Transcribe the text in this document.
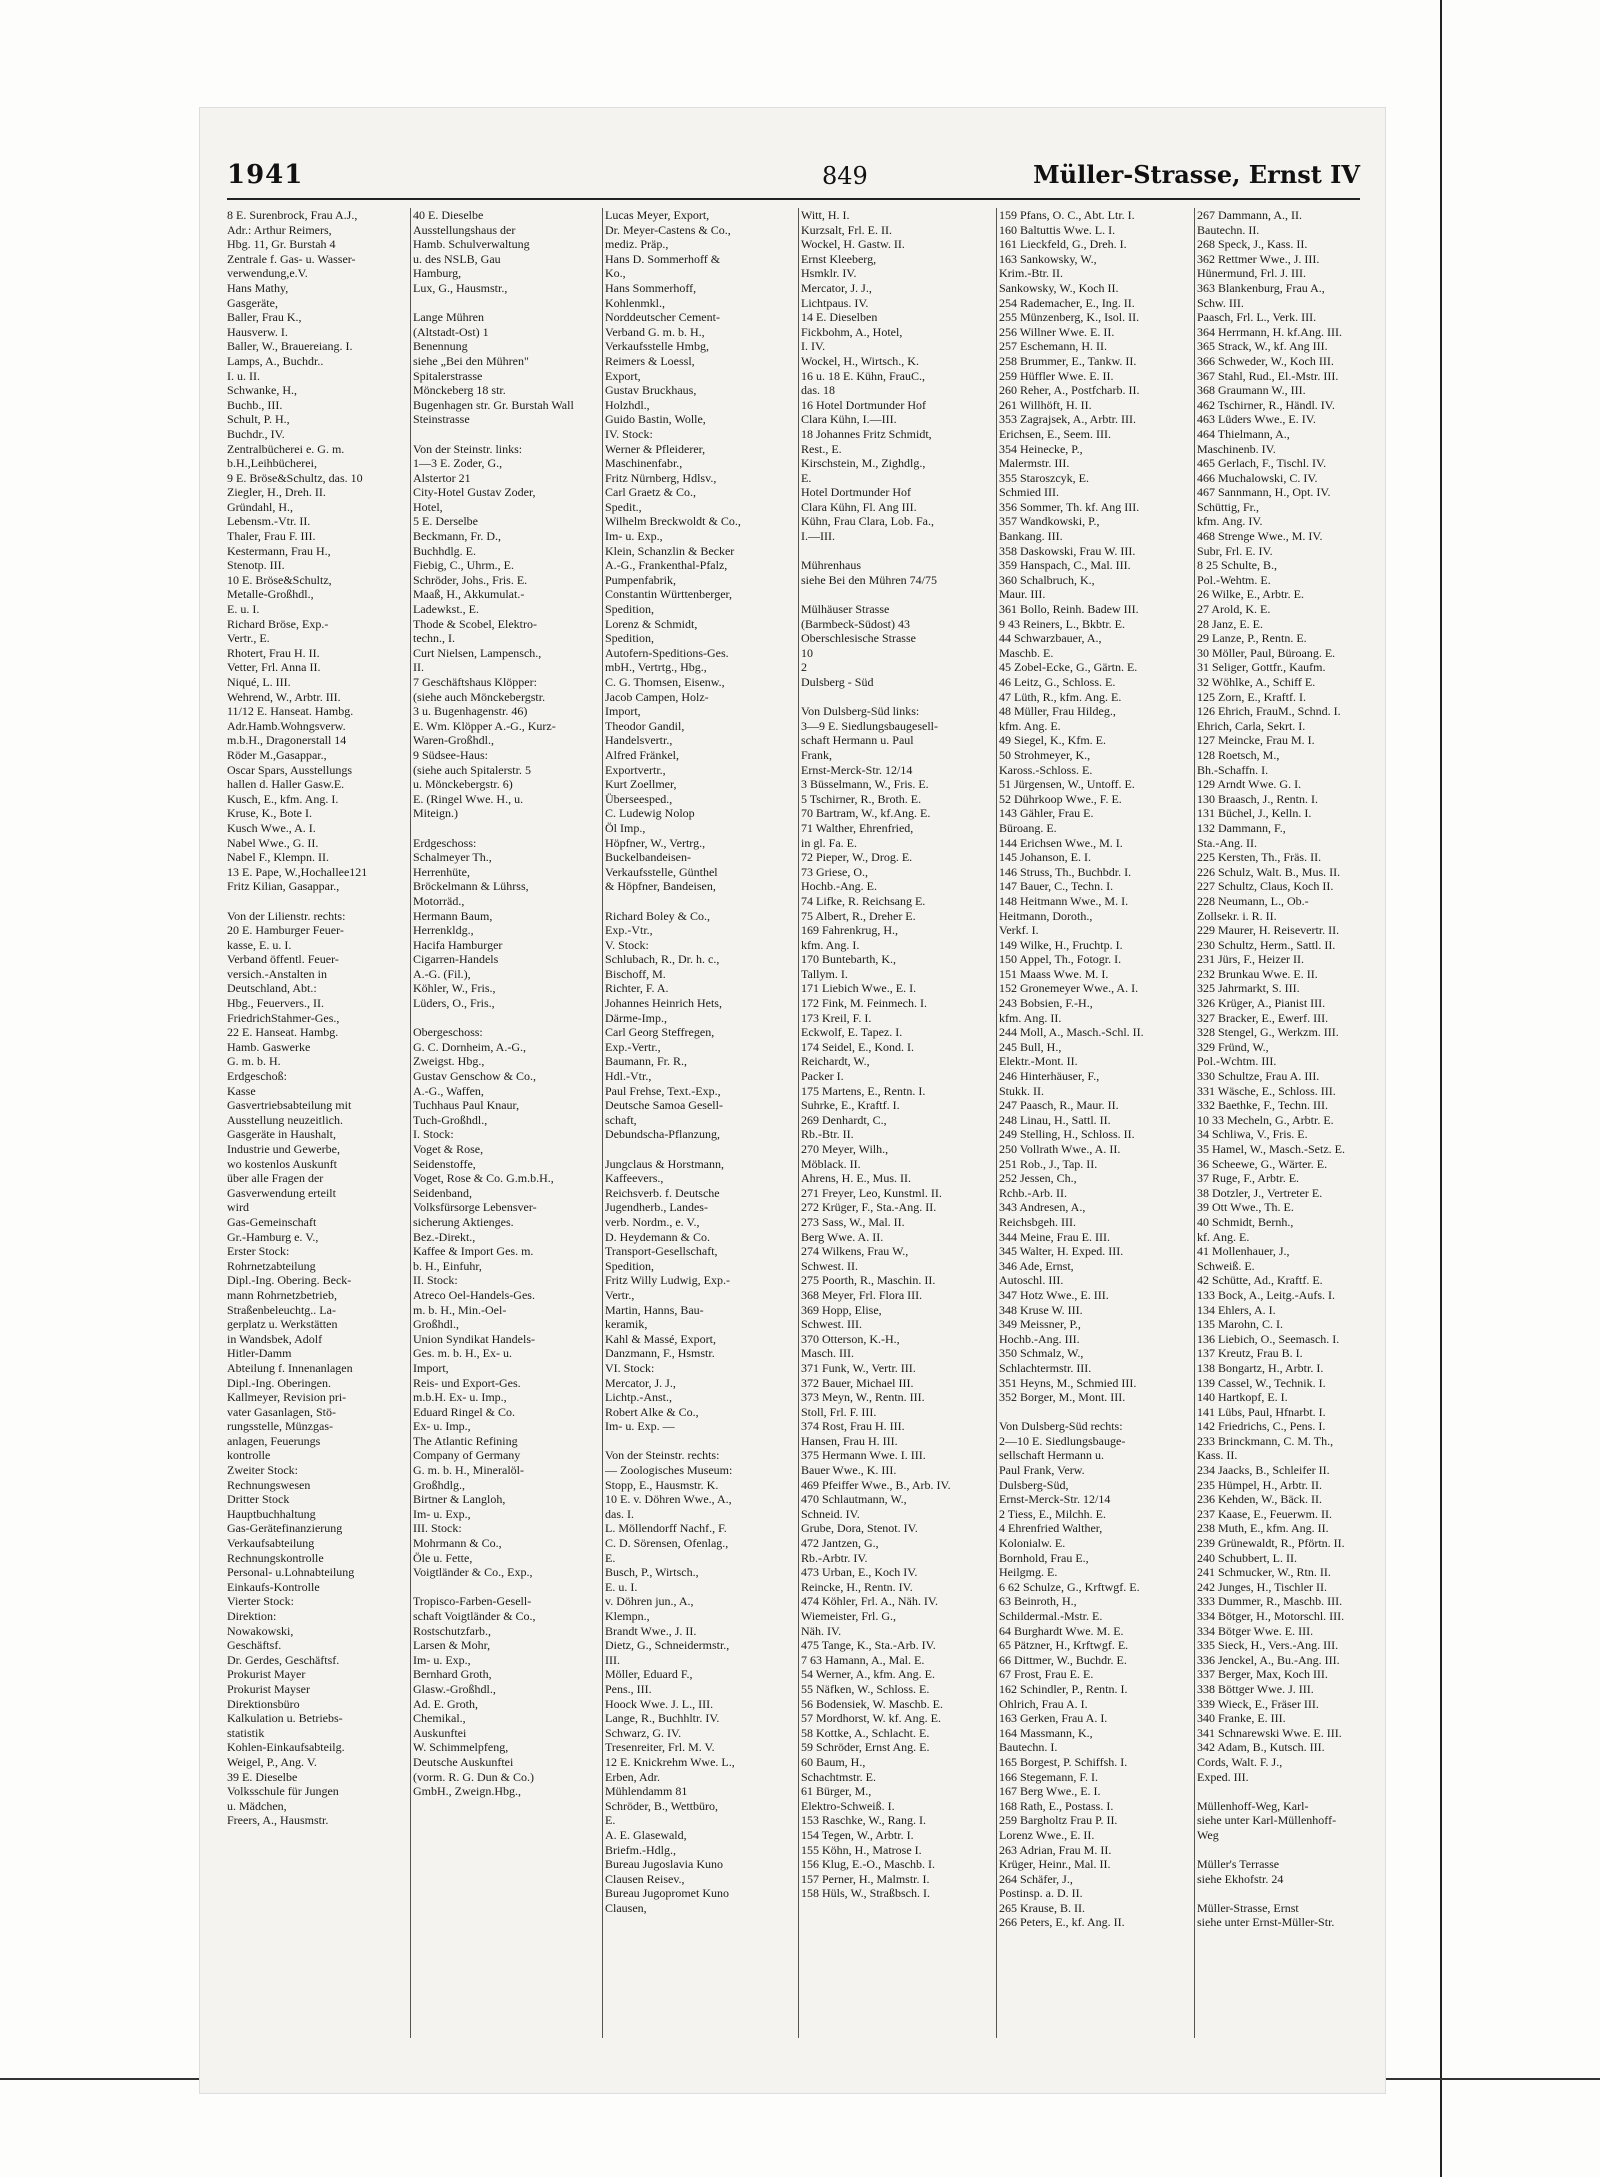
1941	849	Müller-Strasse, Ernst IV
8 E. Surenbrock, Frau A.J.,
Adr.: Arthur Reimers,
Hbg. 11, Gr. Burstah 4
Zentrale f. Gas- u. Wasser-
verwendung,e.V.
Hans Mathy,
Gasgeräte,
Baller, Frau K.,
Hausverw. I.
Baller, W., Brauereiang. I.
Lamps, A., Buchdr..
I. u. II.
Schwanke, H.,
Buchb., III.
Schult, P. H.,
Buchdr., IV.
Zentralbücherei e. G. m.
b.H.,Leihbücherei,
9 E. Bröse&Schultz, das. 10
Ziegler, H., Dreh. II.
Gründahl, H.,
Lebensm.-Vtr. II.
Thaler, Frau F. III.
Kestermann, Frau H.,
Stenotp. III.
10 E. Bröse&Schultz,
Metalle-Großhdl.,
E. u. I.
Richard Bröse, Exp.-
Vertr., E.
Rhotert, Frau H. II.
Vetter, Frl. Anna II.
Niqué, L. III.
Wehrend, W., Arbtr. III.
11/12 E. Hanseat. Hambg.
Adr.Hamb.Wohngsverw.
m.b.H., Dragonerstall 14
Röder M.,Gasappar.,
Oscar Spars, Ausstellungs
hallen d. Haller Gasw.E.
Kusch, E., kfm. Ang. I.
Kruse, K., Bote I.
Kusch Wwe., A. I.
Nabel Wwe., G. II.
Nabel F., Klempn. II.
13 E. Pape, W.,Hochallee121
Fritz Kilian, Gasappar.,

Von der Lilienstr. rechts:
20 E. Hamburger Feuer-
kasse, E. u. I.
Verband öffentl. Feuer-
versich.-Anstalten in
Deutschland, Abt.:
Hbg., Feuervers., II.
FriedrichStahmer-Ges.,
22 E. Hanseat. Hambg.
Hamb. Gaswerke
G. m. b. H.
Erdgeschoß:
Kasse
Gasvertriebsabteilung mit
Ausstellung neuzeitlich.
Gasgeräte in Haushalt,
Industrie und Gewerbe,
wo kostenlos Auskunft
über alle Fragen der
Gasverwendung erteilt
wird
Gas-Gemeinschaft
Gr.-Hamburg e. V.,
Erster Stock:
Rohrnetzabteilung
Dipl.-Ing. Obering. Beck-
mann Rohrnetzbetrieb,
Straßenbeleuchtg.. La-
gerplatz u. Werkstätten
in Wandsbek, Adolf
Hitler-Damm
Abteilung f. Innenanlagen
Dipl.-Ing. Oberingen.
Kallmeyer, Revision pri-
vater Gasanlagen, Stö-
rungsstelle, Münzgas-
anlagen, Feuerungs
kontrolle
Zweiter Stock:
Rechnungswesen
Dritter Stock
Hauptbuchhaltung
Gas-Gerätefinanzierung
Verkaufsabteilung
Rechnungskontrolle
Personal- u.Lohnabteilung
Einkaufs-Kontrolle
Vierter Stock:
Direktion:
Nowakowski,
Geschäftsf.
Dr. Gerdes, Geschäftsf.
Prokurist Mayer
Prokurist Mayser
Direktionsbüro
Kalkulation u. Betriebs-
statistik
Kohlen-Einkaufsabteilg.
Weigel, P., Ang. V.
39 E. Dieselbe
Volksschule für Jungen
u. Mädchen,
Freers, A., Hausmstr.
40 E. Dieselbe
Ausstellungshaus der
Hamb. Schulverwaltung
u. des NSLB, Gau
Hamburg,
Lux, G., Hausmstr.,

Lange Mühren
(Altstadt-Ost) 1
Benennung
siehe „Bei den Mühren"
Spitalerstrasse
Mönckeberg 18 str.
Bugenhagen str. Gr. Burstah Wall
Steinstrasse

Von der Steinstr. links:
1—3 E. Zoder, G.,
Alstertor 21
City-Hotel Gustav Zoder,
Hotel,
5 E. Derselbe
Beckmann, Fr. D.,
Buchhdlg. E.
Fiebig, C., Uhrm., E.
Schröder, Johs., Fris. E.
Maaß, H., Akkumulat.-
Ladewkst., E.
Thode & Scobel, Elektro-
techn., I.
Curt Nielsen, Lampensch.,
II.
7 Geschäftshaus Klöpper:
(siehe auch Mönckebergstr.
3 u. Bugenhagenstr. 46)
E. Wm. Klöpper A.-G., Kurz-
Waren-Großhdl.,
9 Südsee-Haus:
(siehe auch Spitalerstr. 5
u. Mönckebergstr. 6)
E. (Ringel Wwe. H., u.
Miteign.)

Erdgeschoss:
Schalmeyer Th.,
Herrenhüte,
Bröckelmann & Lührss,
Motorräd.,
Hermann Baum,
Herrenkldg.,
Hacifa Hamburger
Cigarren-Handels
A.-G. (Fil.),
Köhler, W., Fris.,
Lüders, O., Fris.,

Obergeschoss:
G. C. Dornheim, A.-G.,
Zweigst. Hbg.,
Gustav Genschow & Co.,
A.-G., Waffen,
Tuchhaus Paul Knaur,
Tuch-Großhdl.,
I. Stock:
Voget & Rose,
Seidenstoffe,
Voget, Rose & Co. G.m.b.H.,
Seidenband,
Volksfürsorge Lebensver-
sicherung Aktienges.
Bez.-Direkt.,
Kaffee & Import Ges. m.
b. H., Einfuhr,
II. Stock:
Atreco Oel-Handels-Ges.
m. b. H., Min.-Oel-
Großhdl.,
Union Syndikat Handels-
Ges. m. b. H., Ex- u.
Import,
Reis- und Export-Ges.
m.b.H. Ex- u. Imp.,
Eduard Ringel & Co.
Ex- u. Imp.,
The Atlantic Refining
Company of Germany
G. m. b. H., Mineralöl-
Großhdlg.,
Birtner & Langloh,
Im- u. Exp.,
III. Stock:
Mohrmann & Co.,
Öle u. Fette,
Voigtländer & Co., Exp.,

Tropisco-Farben-Gesell-
schaft Voigtländer & Co.,
Rostschutzfarb.,
Larsen & Mohr,
Im- u. Exp.,
Bernhard Groth,
Glasw.-Großhdl.,
Ad. E. Groth,
Chemikal.,
Auskunftei
W. Schimmelpfeng,
Deutsche Auskunftei
(vorm. R. G. Dun & Co.)
GmbH., Zweign.Hbg.,
Lucas Meyer, Export,
Dr. Meyer-Castens & Co.,
mediz. Präp.,
Hans D. Sommerhoff &
Ko.,
Hans Sommerhoff,
Kohlenmkl.,
Norddeutscher Cement-
Verband G. m. b. H.,
Verkaufsstelle Hmbg,
Reimers & Loessl,
Export,
Gustav Bruckhaus,
Holzhdl.,
Guido Bastin, Wolle,
IV. Stock:
Werner & Pfleiderer,
Maschinenfabr.,
Fritz Nürnberg, Hdlsv.,
Carl Graetz & Co.,
Spedit.,
Wilhelm Breckwoldt & Co.,
Im- u. Exp.,
Klein, Schanzlin & Becker
A.-G., Frankenthal-Pfalz,
Pumpenfabrik,
Constantin Württenberger,
Spedition,
Lorenz & Schmidt,
Spedition,
Autofern-Speditions-Ges.
mbH., Vertrtg., Hbg.,
C. G. Thomsen, Eisenw.,
Jacob Campen, Holz-
Import,
Theodor Gandil,
Handelsvertr.,
Alfred Fränkel,
Exportvertr.,
Kurt Zoellmer,
Überseesped.,
C. Ludewig Nolop
Öl Imp.,
Höpfner, W., Vertrg.,
Buckelbandeisen-
Verkaufsstelle, Günthel
& Höpfner, Bandeisen,

Richard Boley & Co.,
Exp.-Vtr.,
V. Stock:
Schlubach, R., Dr. h. c.,
Bischoff, M.
Richter, F. A.
Johannes Heinrich Hets,
Därme-Imp.,
Carl Georg Steffregen,
Exp.-Vertr.,
Baumann, Fr. R.,
Hdl.-Vtr.,
Paul Frehse, Text.-Exp.,
Deutsche Samoa Gesell-
schaft,
Debundscha-Pflanzung,

Jungclaus & Horstmann,
Kaffeevers.,
Reichsverb. f. Deutsche
Jugendherb., Landes-
verb. Nordm., e. V.,
D. Heydemann & Co.
Transport-Gesellschaft,
Spedition,
Fritz Willy Ludwig, Exp.-
Vertr.,
Martin, Hanns, Bau-
keramik,
Kahl & Massé, Export,
Danzmann, F., Hsmstr.
VI. Stock:
Mercator, J. J.,
Lichtp.-Anst.,
Robert Alke & Co.,
Im- u. Exp. —

Von der Steinstr. rechts:
— Zoologisches Museum:
Stopp, E., Hausmstr. K.
10 E. v. Döhren Wwe., A.,
das. I.
L. Möllendorff Nachf., F.
C. D. Sörensen, Ofenlag.,
E.
Busch, P., Wirtsch.,
E. u. I.
v. Döhren jun., A.,
Klempn.,
Brandt Wwe., J. II.
Dietz, G., Schneidermstr.,
III.
Möller, Eduard F.,
Pens., III.
Hoock Wwe. J. L., III.
Lange, R., Buchhltr. IV.
Schwarz, G. IV.
Tresenreiter, Frl. M. V.
12 E. Knickrehm Wwe. L.,
Erben, Adr.
Mühlendamm 81
Schröder, B., Wettbüro,
E.
A. E. Glasewald,
Briefm.-Hdlg.,
Bureau Jugoslavia Kuno
Clausen Reisev.,
Bureau Jugopromet Kuno
Clausen,
Witt, H. I.
Kurzsalt, Frl. E. II.
Wockel, H. Gastw. II.
Ernst Kleeberg,
Hsmklr. IV.
Mercator, J. J.,
Lichtpaus. IV.
14 E. Dieselben
Fickbohm, A., Hotel,
I. IV.
Wockel, H., Wirtsch., K.
16 u. 18 E. Kühn, FrauC.,
das. 18
16 Hotel Dortmunder Hof
Clara Kühn, I.—III.
18 Johannes Fritz Schmidt,
Rest., E.
Kirschstein, M., Zighdlg.,
E.
Hotel Dortmunder Hof
Clara Kühn, Fl. Ang III.
Kühn, Frau Clara, Lob. Fa.,
I.—III.

Mührenhaus
siehe Bei den Mühren 74/75

Mülhäuser Strasse
(Barmbeck-Südost) 43
Oberschlesische Strasse
10
2
Dulsberg - Süd

Von Dulsberg-Süd links:
3—9 E. Siedlungsbaugesell-
schaft Hermann u. Paul
Frank,
Ernst-Merck-Str. 12/14
3 Büsselmann, W., Fris. E.
5 Tschirner, R., Broth. E.
70 Bartram, W., kf.Ang. E.
71 Walther, Ehrenfried,
in gl. Fa. E.
72 Pieper, W., Drog. E.
73 Griese, O.,
Hochb.-Ang. E.
74 Lifke, R. Reichsang E.
75 Albert, R., Dreher E.
169 Fahrenkrug, H.,
kfm. Ang. I.
170 Buntebarth, K.,
Tallym. I.
171 Liebich Wwe., E. I.
172 Fink, M. Feinmech. I.
173 Kreil, F. I.
Eckwolf, E. Tapez. I.
174 Seidel, E., Kond. I.
Reichardt, W.,
Packer I.
175 Martens, E., Rentn. I.
Suhrke, E., Kraftf. I.
269 Denhardt, C.,
Rb.-Btr. II.
270 Meyer, Wilh.,
Möblack. II.
Ahrens, H. E., Mus. II.
271 Freyer, Leo, Kunstml. II.
272 Krüger, F., Sta.-Ang. II.
273 Sass, W., Mal. II.
Berg Wwe. A. II.
274 Wilkens, Frau W.,
Schwest. II.
275 Poorth, R., Maschin. II.
368 Meyer, Frl. Flora III.
369 Hopp, Elise,
Schwest. III.
370 Otterson, K.-H.,
Masch. III.
371 Funk, W., Vertr. III.
372 Bauer, Michael III.
373 Meyn, W., Rentn. III.
Stoll, Frl. F. III.
374 Rost, Frau H. III.
Hansen, Frau H. III.
375 Hermann Wwe. I. III.
Bauer Wwe., K. III.
469 Pfeiffer Wwe., B., Arb. IV.
470 Schlautmann, W.,
Schneid. IV.
Grube, Dora, Stenot. IV.
472 Jantzen, G.,
Rb.-Arbtr. IV.
473 Urban, E., Koch IV.
Reincke, H., Rentn. IV.
474 Köhler, Frl. A., Näh. IV.
Wiemeister, Frl. G.,
Näh. IV.
475 Tange, K., Sta.-Arb. IV.
7 63 Hamann, A., Mal. E.
54 Werner, A., kfm. Ang. E.
55 Näfken, W., Schloss. E.
56 Bodensiek, W. Maschb. E.
57 Mordhorst, W. kf. Ang. E.
58 Kottke, A., Schlacht. E.
59 Schröder, Ernst Ang. E.
60 Baum, H.,
Schachtmstr. E.
61 Bürger, M.,
Elektro-Schweiß. I.
153 Raschke, W., Rang. I.
154 Tegen, W., Arbtr. I.
155 Köhn, H., Matrose I.
156 Klug, E.-O., Maschb. I.
157 Perner, H., Malmstr. I.
158 Hüls, W., Straßbsch. I.
159 Pfans, O. C., Abt. Ltr. I.
160 Baltuttis Wwe. L. I.
161 Lieckfeld, G., Dreh. I.
163 Sankowsky, W.,
Krim.-Btr. II.
Sankowsky, W., Koch II.
254 Rademacher, E., Ing. II.
255 Münzenberg, K., Isol. II.
256 Willner Wwe. E. II.
257 Eschemann, H. II.
258 Brummer, E., Tankw. II.
259 Hüffler Wwe. E. II.
260 Reher, A., Postfcharb. II.
261 Willhöft, H. II.
353 Zagrajsek, A., Arbtr. III.
Erichsen, E., Seem. III.
354 Heinecke, P.,
Malermstr. III.
355 Staroszcyk, E.
Schmied III.
356 Sommer, Th. kf. Ang III.
357 Wandkowski, P.,
Bankang. III.
358 Daskowski, Frau W. III.
359 Hanspach, C., Mal. III.
360 Schalbruch, K.,
Maur. III.
361 Bollo, Reinh. Badew III.
9 43 Reiners, L., Bkbtr. E.
44 Schwarzbauer, A.,
Maschb. E.
45 Zobel-Ecke, G., Gärtn. E.
46 Leitz, G., Schloss. E.
47 Lüth, R., kfm. Ang. E.
48 Müller, Frau Hildeg.,
kfm. Ang. E.
49 Siegel, K., Kfm. E.
50 Strohmeyer, K.,
Kaross.-Schloss. E.
51 Jürgensen, W., Untoff. E.
52 Dührkoop Wwe., F. E.
143 Gähler, Frau E.
Büroang. E.
144 Erichsen Wwe., M. I.
145 Johanson, E. I.
146 Struss, Th., Buchbdr. I.
147 Bauer, C., Techn. I.
148 Heitmann Wwe., M. I.
Heitmann, Doroth.,
Verkf. I.
149 Wilke, H., Fruchtp. I.
150 Appel, Th., Fotogr. I.
151 Maass Wwe. M. I.
152 Gronemeyer Wwe., A. I.
243 Bobsien, F.-H.,
kfm. Ang. II.
244 Moll, A., Masch.-Schl. II.
245 Bull, H.,
Elektr.-Mont. II.
246 Hinterhäuser, F.,
Stukk. II.
247 Paasch, R., Maur. II.
248 Linau, H., Sattl. II.
249 Stelling, H., Schloss. II.
250 Vollrath Wwe., A. II.
251 Rob., J., Tap. II.
252 Jessen, Ch.,
Rchb.-Arb. II.
343 Andresen, A.,
Reichsbgeh. III.
344 Meine, Frau E. III.
345 Walter, H. Exped. III.
346 Ade, Ernst,
Autoschl. III.
347 Hotz Wwe., E. III.
348 Kruse W. III.
349 Meissner, P.,
Hochb.-Ang. III.
350 Schmalz, W.,
Schlachtermstr. III.
351 Heyns, M., Schmied III.
352 Borger, M., Mont. III.

Von Dulsberg-Süd rechts:
2—10 E. Siedlungsbauge-
sellschaft Hermann u.
Paul Frank, Verw.
Dulsberg-Süd,
Ernst-Merck-Str. 12/14
2 Tiess, E., Milchh. E.
4 Ehrenfried Walther,
Kolonialw. E.
Bornhold, Frau E.,
Heilgmg. E.
6 62 Schulze, G., Krftwgf. E.
63 Beinroth, H.,
Schildermal.-Mstr. E.
64 Burghardt Wwe. M. E.
65 Pätzner, H., Krftwgf. E.
66 Dittmer, W., Buchdr. E.
67 Frost, Frau E. E.
162 Schindler, P., Rentn. I.
Ohlrich, Frau A. I.
163 Gerken, Frau A. I.
164 Massmann, K.,
Bautechn. I.
165 Borgest, P. Schiffsh. I.
166 Stegemann, F. I.
167 Berg Wwe., E. I.
168 Rath, E., Postass. I.
259 Bargholtz Frau P. II.
Lorenz Wwe., E. II.
263 Adrian, Frau M. II.
Krüger, Heinr., Mal. II.
264 Schäfer, J.,
Postinsp. a. D. II.
265 Krause, B. II.
266 Peters, E., kf. Ang. II.
267 Dammann, A., II.
Bautechn. II.
268 Speck, J., Kass. II.
362 Rettmer Wwe., J. III.
Hünermund, Frl. J. III.
363 Blankenburg, Frau A.,
Schw. III.
Paasch, Frl. L., Verk. III.
364 Herrmann, H. kf.Ang. III.
365 Strack, W., kf. Ang III.
366 Schweder, W., Koch III.
367 Stahl, Rud., El.-Mstr. III.
368 Graumann W., III.
462 Tschirner, R., Händl. IV.
463 Lüders Wwe., E. IV.
464 Thielmann, A.,
Maschinenb. IV.
465 Gerlach, F., Tischl. IV.
466 Muchalowski, C. IV.
467 Sannmann, H., Opt. IV.
Schüttig, Fr.,
kfm. Ang. IV.
468 Strenge Wwe., M. IV.
Subr, Frl. E. IV.
8 25 Schulte, B.,
Pol.-Wehtm. E.
26 Wilke, E., Arbtr. E.
27 Arold, K. E.
28 Janz, E. E.
29 Lanze, P., Rentn. E.
30 Möller, Paul, Büroang. E.
31 Seliger, Gottfr., Kaufm.
32 Wöhlke, A., Schiff E.
125 Zorn, E., Kraftf. I.
126 Ehrich, FrauM., Schnd. I.
Ehrich, Carla, Sekrt. I.
127 Meincke, Frau M. I.
128 Roetsch, M.,
Bh.-Schaffn. I.
129 Arndt Wwe. G. I.
130 Braasch, J., Rentn. I.
131 Büchel, J., Kelln. I.
132 Dammann, F.,
Sta.-Ang. II.
225 Kersten, Th., Fräs. II.
226 Schulz, Walt. B., Mus. II.
227 Schultz, Claus, Koch II.
228 Neumann, L., Ob.-
Zollsekr. i. R. II.
229 Maurer, H. Reisevertr. II.
230 Schultz, Herm., Sattl. II.
231 Jürs, F., Heizer II.
232 Brunkau Wwe. E. II.
325 Jahrmarkt, S. III.
326 Krüger, A., Pianist III.
327 Bracker, E., Ewerf. III.
328 Stengel, G., Werkzm. III.
329 Fründ, W.,
Pol.-Wchtm. III.
330 Schultze, Frau A. III.
331 Wäsche, E., Schloss. III.
332 Baethke, F., Techn. III.
10 33 Mecheln, G., Arbtr. E.
34 Schliwa, V., Fris. E.
35 Hamel, W., Masch.-Setz. E.
36 Scheewe, G., Wärter. E.
37 Ruge, F., Arbtr. E.
38 Dotzler, J., Vertreter E.
39 Ott Wwe., Th. E.
40 Schmidt, Bernh.,
kf. Ang. E.
41 Mollenhauer, J.,
Schweiß. E.
42 Schütte, Ad., Kraftf. E.
133 Bock, A., Leitg.-Aufs. I.
134 Ehlers, A. I.
135 Marohn, C. I.
136 Liebich, O., Seemasch. I.
137 Kreutz, Frau B. I.
138 Bongartz, H., Arbtr. I.
139 Cassel, W., Technik. I.
140 Hartkopf, E. I.
141 Lübs, Paul, Hfnarbt. I.
142 Friedrichs, C., Pens. I.
233 Brinckmann, C. M. Th.,
Kass. II.
234 Jaacks, B., Schleifer II.
235 Hümpel, H., Arbtr. II.
236 Kehden, W., Bäck. II.
237 Kaase, E., Feuerwm. II.
238 Muth, E., kfm. Ang. II.
239 Grünewaldt, R., Pförtn. II.
240 Schubbert, L. II.
241 Schmucker, W., Rtn. II.
242 Junges, H., Tischler II.
333 Dummer, R., Maschb. III.
334 Bötger, H., Motorschl. III.
334 Bötger Wwe. E. III.
335 Sieck, H., Vers.-Ang. III.
336 Jenckel, A., Bu.-Ang. III.
337 Berger, Max, Koch III.
338 Böttger Wwe. J. III.
339 Wieck, E., Fräser III.
340 Franke, E. III.
341 Schnarewski Wwe. E. III.
342 Adam, B., Kutsch. III.
Cords, Walt. F. J.,
Exped. III.

Müllenhoff-Weg, Karl-
siehe unter Karl-Müllenhoff-
Weg

Müller's Terrasse
siehe Ekhofstr. 24

Müller-Strasse, Ernst
siehe unter Ernst-Müller-Str.
